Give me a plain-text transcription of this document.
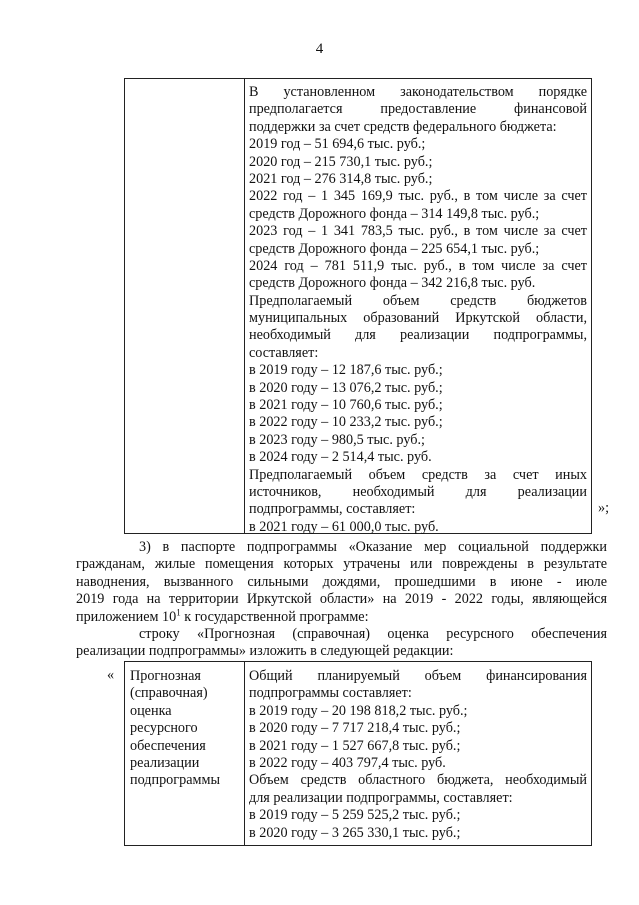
4
В установленном законодательством порядке
предполагается предоставление финансовой
поддержки за счет средств федерального бюджета:
2019 год – 51 694,6 тыс. руб.;
2020 год – 215 730,1 тыс. руб.;
2021 год – 276 314,8 тыс. руб.;
2022 год – 1 345 169,9 тыс. руб., в том числе за счет
средств Дорожного фонда – 314 149,8 тыс. руб.;
2023 год – 1 341 783,5 тыс. руб., в том числе за счет
средств Дорожного фонда – 225 654,1 тыс. руб.;
2024 год – 781 511,9 тыс. руб., в том числе за счет
средств Дорожного фонда – 342 216,8 тыс. руб.
Предполагаемый объем средств бюджетов
муниципальных образований Иркутской области,
необходимый для реализации подпрограммы,
составляет:
в 2019 году – 12 187,6 тыс. руб.;
в 2020 году – 13 076,2 тыс. руб.;
в 2021 году – 10 760,6 тыс. руб.;
в 2022 году – 10 233,2 тыс. руб.;
в 2023 году – 980,5 тыс. руб.;
в 2024 году – 2 514,4 тыс. руб.
Предполагаемый объем средств за счет иных
источников, необходимый для реализации
подпрограммы, составляет:
в 2021 году – 61 000,0 тыс. руб.
»;
3) в паспорте подпрограммы «Оказание мер социальной поддержки
гражданам, жилые помещения которых утрачены или повреждены в результате
наводнения, вызванного сильными дождями, прошедшими в июне - июле
2019 года на территории Иркутской области» на 2019 - 2022 годы, являющейся
приложением $10^1$ к государственной программе:
строку «Прогнозная (справочная) оценка ресурсного обеспечения
реализации подпрограммы» изложить в следующей редакции:
« Прогнозная
(справочная)
оценка
ресурсного
обеспечения
реализации
подпрограммы
Общий планируемый объем финансирования
подпрограммы составляет:
в 2019 году – 20 198 818,2 тыс. руб.;
в 2020 году – 7 717 218,4 тыс. руб.;
в 2021 году – 1 527 667,8 тыс. руб.;
в 2022 году – 403 797,4 тыс. руб.
Объем средств областного бюджета, необходимый
для реализации подпрограммы, составляет:
в 2019 году – 5 259 525,2 тыс. руб.;
в 2020 году – 3 265 330,1 тыс. руб.;
